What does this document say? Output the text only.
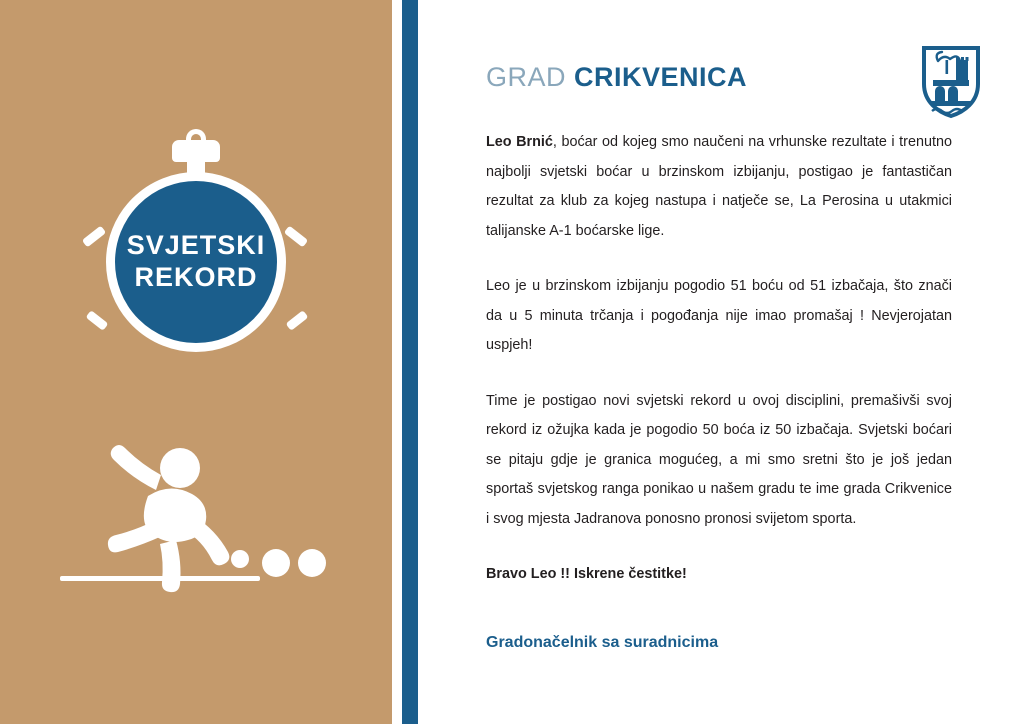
SVJETSKI
REKORD
GRAD CRIKVENICA

Leo Brnić, boćar od kojeg smo naučeni na vrhunske rezultate i trenutno najbolji svjetski boćar u brzinskom izbijanju, postigao je fantastičan rezultat za klub za kojeg nastupa i natječe se, La Perosina u utakmici talijanske A-1 boćarske lige.

Leo je u brzinskom izbijanju pogodio 51 boću od 51 izbačaja, što znači da u 5 minuta trčanja i pogođanja nije imao promašaj ! Nevjerojatan uspjeh!

Time je postigao novi svjetski rekord u ovoj disciplini, premašivši svoj rekord iz ožujka kada je pogodio 50 boća iz 50 izbačaja. Svjetski boćari se pitaju gdje je granica mogućeg, a mi smo sretni što je još jedan sportaš svjetskog ranga ponikao u našem gradu te ime grada Crikvenice i svog mjesta Jadranova ponosno pronosi svijetom sporta.

Bravo Leo !! Iskrene čestitke!
Gradonačelnik sa suradnicima
